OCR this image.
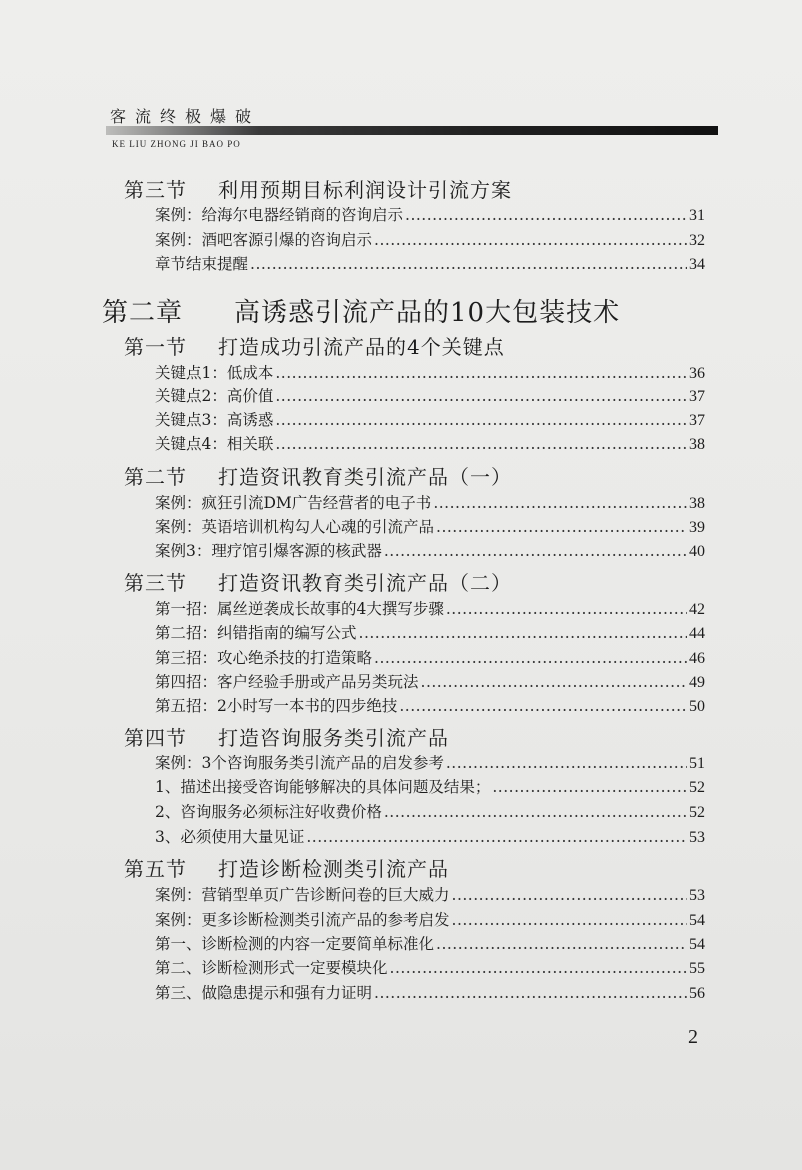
客流终极爆破
KE LIU ZHONG JI BAO PO
第三节 利用预期目标利润设计引流方案
案例：给海尔电器经销商的咨询启示 .....	31
案例：酒吧客源引爆的咨询启示 .....	32
章节结束提醒 .....	34
第二章 高诱惑引流产品的10大包装技术
第一节 打造成功引流产品的4个关键点
关键点1：低成本 .....	36
关键点2：高价值 .....	37
关键点3：高诱惑 .....	37
关键点4：相关联 .....	38
第二节 打造资讯教育类引流产品（一）
案例：疯狂引流DM广告经营者的电子书 .....	38
案例：英语培训机构勾人心魂的引流产品 .....	39
案例3：理疗馆引爆客源的核武器 .....	40
第三节 打造资讯教育类引流产品（二）
第一招：属丝逆袭成长故事的4大撰写步骤 .....	42
第二招：纠错指南的编写公式 .....	44
第三招：攻心绝杀技的打造策略 .....	46
第四招：客户经验手册或产品另类玩法 .....	49
第五招：2小时写一本书的四步绝技 .....	50
第四节 打造咨询服务类引流产品
案例：3个咨询服务类引流产品的启发参考 .....	51
1、描述出接受咨询能够解决的具体问题及结果； .....	52
2、咨询服务必须标注好收费价格 .....	52
3、必须使用大量见证 .....	53
第五节 打造诊断检测类引流产品
案例：营销型单页广告诊断问卷的巨大威力 .....	53
案例：更多诊断检测类引流产品的参考启发 .....	54
第一、诊断检测的内容一定要简单标准化 .....	54
第二、诊断检测形式一定要模块化 .....	55
第三、做隐患提示和强有力证明 .....	56
2
